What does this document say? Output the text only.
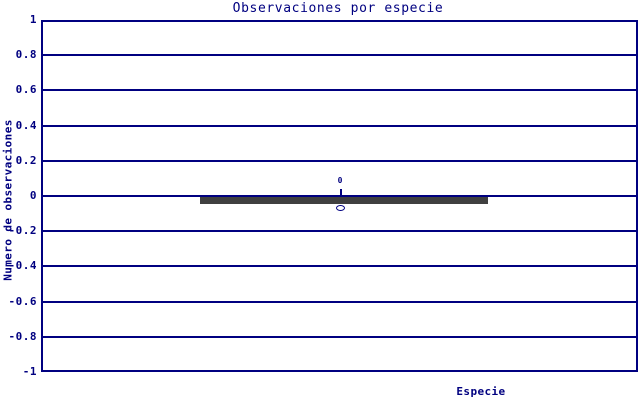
Observaciones por especie
Numero de observaciones	0
1
0.8
0.6
0.4
0.2
0
-0.2
-0.4
-0.6
-0.8
-1
Especie
